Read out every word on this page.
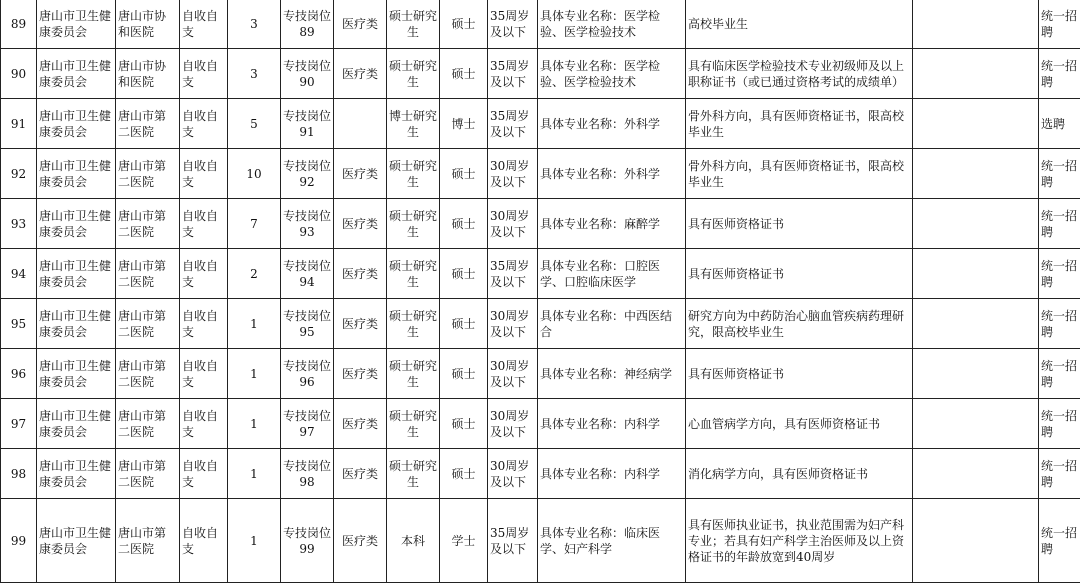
89	唐山市卫生健康委员会	唐山市协和医院	自收自支	3	专技岗位89	医疗类	硕士研究生	硕士	35周岁及以下	具体专业名称：医学检验、医学检验技术	高校毕业生		统一招聘
90	唐山市卫生健康委员会	唐山市协和医院	自收自支	3	专技岗位90	医疗类	硕士研究生	硕士	35周岁及以下	具体专业名称：医学检验、医学检验技术	具有临床医学检验技术专业初级师及以上职称证书（或已通过资格考试的成绩单）		统一招聘
91	唐山市卫生健康委员会	唐山市第二医院	自收自支	5	专技岗位91		博士研究生	博士	35周岁及以下	具体专业名称：外科学	骨外科方向，具有医师资格证书，限高校毕业生		选聘
92	唐山市卫生健康委员会	唐山市第二医院	自收自支	10	专技岗位92	医疗类	硕士研究生	硕士	30周岁及以下	具体专业名称：外科学	骨外科方向，具有医师资格证书，限高校毕业生		统一招聘
93	唐山市卫生健康委员会	唐山市第二医院	自收自支	7	专技岗位93	医疗类	硕士研究生	硕士	30周岁及以下	具体专业名称：麻醉学	具有医师资格证书		统一招聘
94	唐山市卫生健康委员会	唐山市第二医院	自收自支	2	专技岗位94	医疗类	硕士研究生	硕士	35周岁及以下	具体专业名称：口腔医学、口腔临床医学	具有医师资格证书		统一招聘
95	唐山市卫生健康委员会	唐山市第二医院	自收自支	1	专技岗位95	医疗类	硕士研究生	硕士	30周岁及以下	具体专业名称：中西医结合	研究方向为中药防治心脑血管疾病药理研究，限高校毕业生		统一招聘
96	唐山市卫生健康委员会	唐山市第二医院	自收自支	1	专技岗位96	医疗类	硕士研究生	硕士	30周岁及以下	具体专业名称：神经病学	具有医师资格证书		统一招聘
97	唐山市卫生健康委员会	唐山市第二医院	自收自支	1	专技岗位97	医疗类	硕士研究生	硕士	30周岁及以下	具体专业名称：内科学	心血管病学方向，具有医师资格证书		统一招聘
98	唐山市卫生健康委员会	唐山市第二医院	自收自支	1	专技岗位98	医疗类	硕士研究生	硕士	30周岁及以下	具体专业名称：内科学	消化病学方向，具有医师资格证书		统一招聘
99	唐山市卫生健康委员会	唐山市第二医院	自收自支	1	专技岗位99	医疗类	本科	学士	35周岁及以下	具体专业名称：临床医学、妇产科学	具有医师执业证书，执业范围需为妇产科专业；若具有妇产科学主治医师及以上资格证书的年龄放宽到40周岁		统一招聘
